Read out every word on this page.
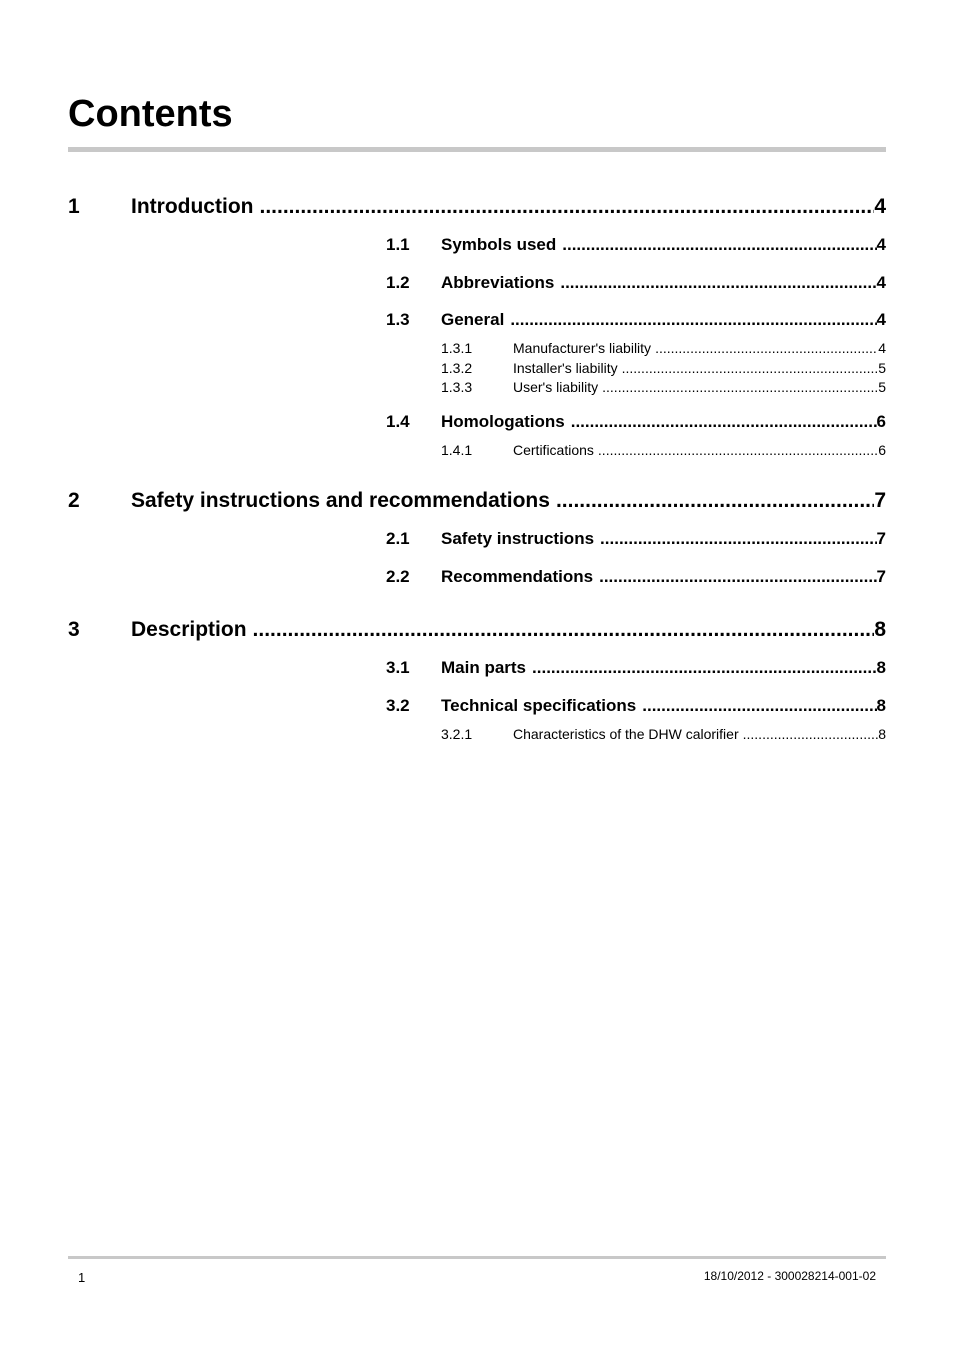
Contents
1	Introduction .....	4
1.1	Symbols used .....	4
1.2	Abbreviations .....	4
1.3	General .....	4
1.3.1	Manufacturer's liability .....	4
1.3.2	Installer's liability .....	5
1.3.3	User's liability .....	5
1.4	Homologations .....	6
1.4.1	Certifications .....	6
2	Safety instructions and recommendations .....	7
2.1	Safety instructions .....	7
2.2	Recommendations .....	7
3	Description .....	8
3.1	Main parts .....	8
3.2	Technical specifications .....	8
3.2.1	Characteristics of the DHW calorifier .....	8
1	18/10/2012 - 300028214-001-02
